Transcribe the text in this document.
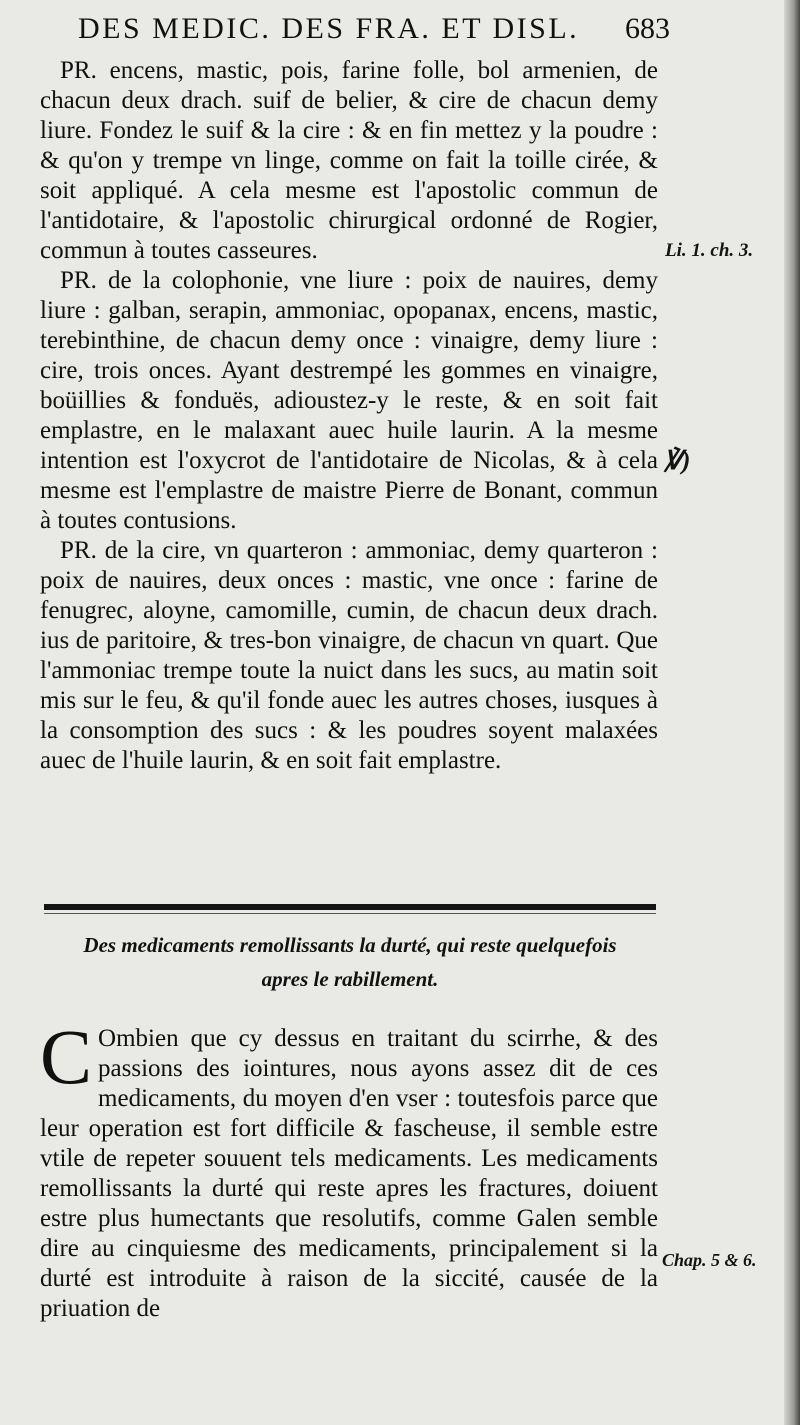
DES MEDIC. DES FRA. ET DISL. 683

PR. encens, mastic, pois, farine folle, bol armenien, de chacun deux drach. suif de belier, & cire de chacun demy liure. Fondez le suif & la cire : & en fin mettez y la poudre : & qu'on y trempe vn linge, comme on fait la toille cirée, & soit appliqué. A cela mesme est l'apostolic commun de l'antidotaire, & l'apostolic chirurgical ordonné de Rogier, commun à toutes casseures.

PR. de la colophonie, vne liure : poix de nauires, demy liure : galban, serapin, ammoniac, opopanax, encens, mastic, terebinthine, de chacun demy once : vinaigre, demy liure : cire, trois onces. Ayant destrempé les gommes en vinaigre, boüillies & fonduës, adioustez-y le reste, & en soit fait emplastre, en le malaxant auec huile laurin. A la mesme intention est l'oxycrot de l'antidotaire de Nicolas, & à cela mesme est l'emplastre de maistre Pierre de Bonant, commun à toutes contusions.

PR. de la cire, vn quarteron : ammoniac, demy quarteron : poix de nauires, deux onces : mastic, vne once : farine de fenugrec, aloyne, camomille, cumin, de chacun deux drach. ius de paritoire, & tres-bon vinaigre, de chacun vn quart. Que l'ammoniac trempe toute la nuict dans les sucs, au matin soit mis sur le feu, & qu'il fonde auec les autres choses, iusques à la consomption des sucs : & les poudres soyent malaxées auec de l'huile laurin, & en soit fait emplastre.

Li. 1. ch. 3.
℣)
Des medicaments remollissants la durté, qui reste quelquefois apres le rabillement.
C Ombien que cy dessus en traitant du scirrhe, & des passions des iointures, nous ayons assez dit de ces medicaments, du moyen d'en vser : toutesfois parce que leur operation est fort difficile & fascheuse, il semble estre vtile de repeter souuent tels medicaments. Les medicaments remollissants la durté qui reste apres les fractures, doiuent estre plus humectants que resolutifs, comme Galen semble dire au cinquiesme des medicaments, principalement si la durté est introduite à raison de la siccité, causée de la priuation de
Chap. 5 & 6.
